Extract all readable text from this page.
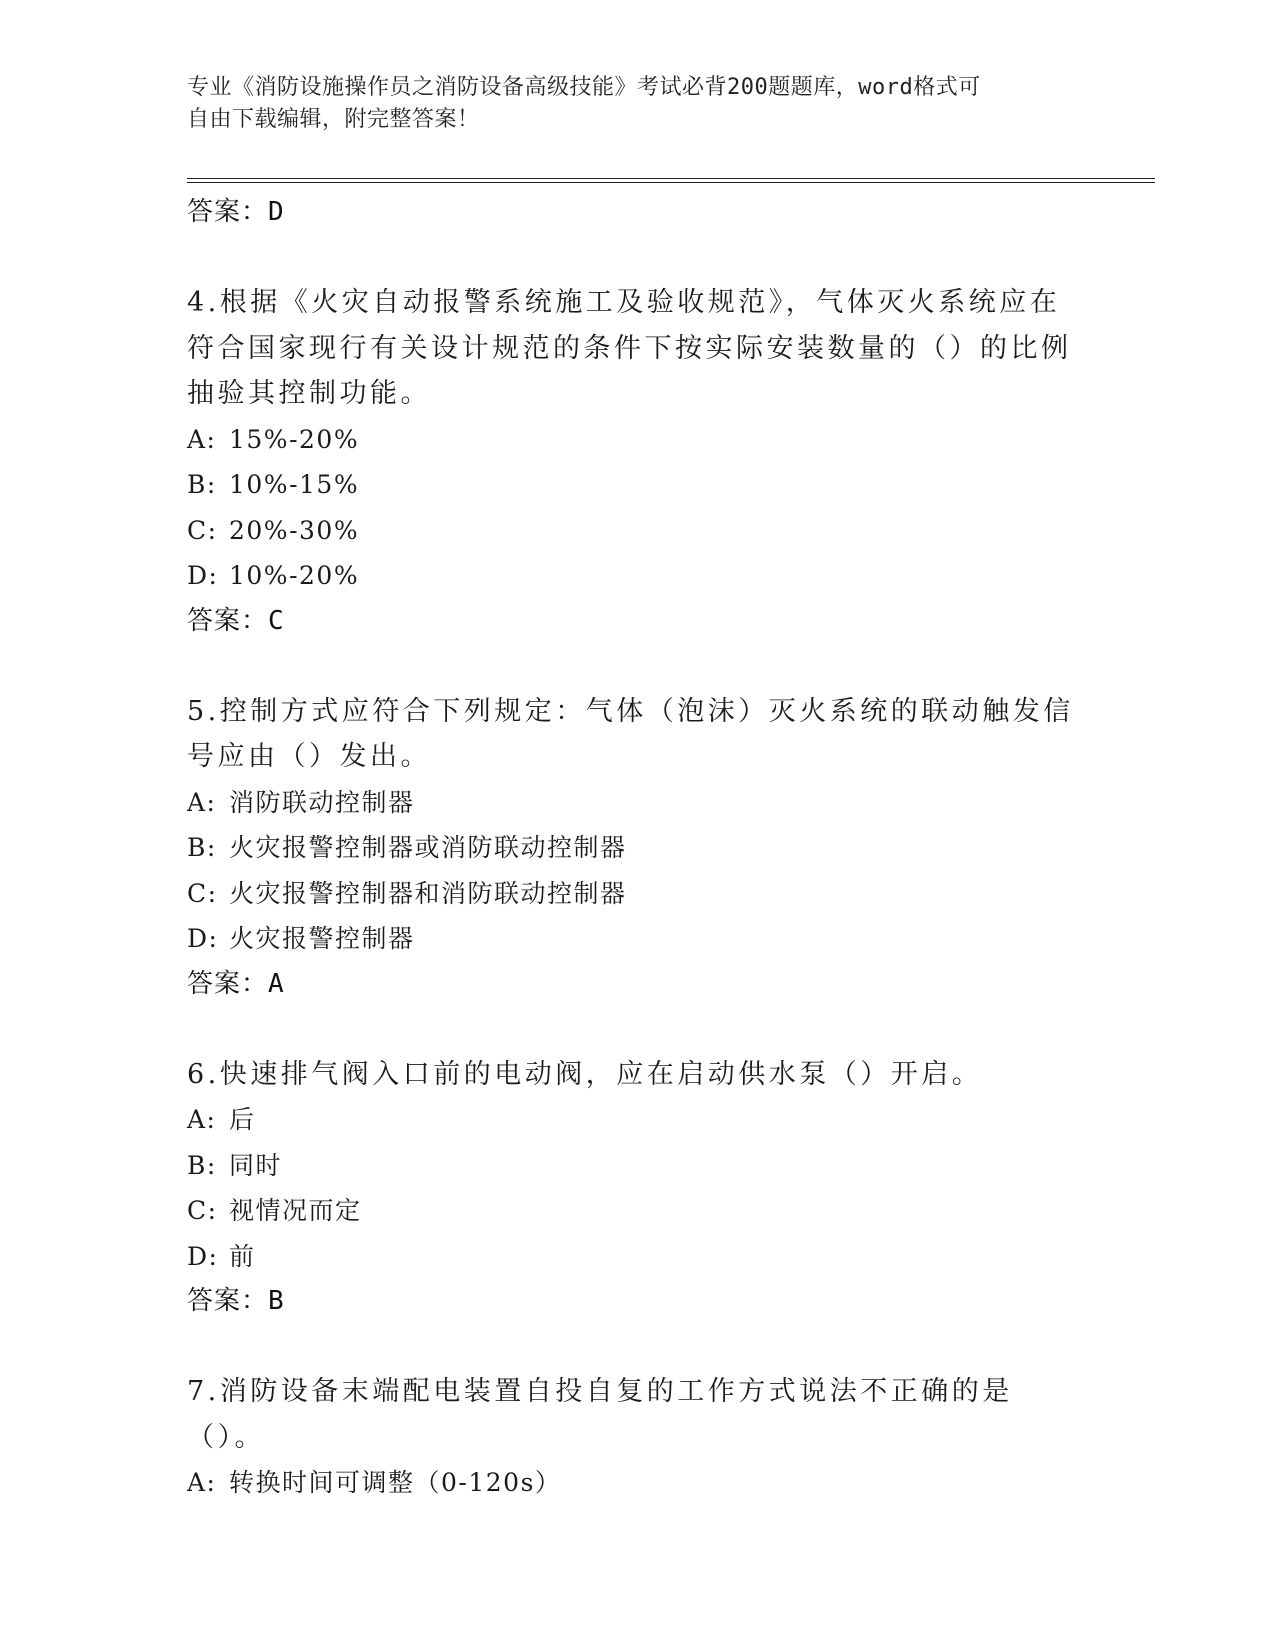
专业《消防设施操作员之消防设备高级技能》考试必背200题题库，word格式可
自由下载编辑，附完整答案！
答案：D
4.根据《火灾自动报警系统施工及验收规范》，气体灭火系统应在符合国家现行有关设计规范的条件下按实际安装数量的（）的比例抽验其控制功能。
A: 15%-20%
B: 10%-15%
C: 20%-30%
D: 10%-20%
答案：C
5.控制方式应符合下列规定：气体（泡沫）灭火系统的联动触发信号应由（）发出。
A: 消防联动控制器
B: 火灾报警控制器或消防联动控制器
C: 火灾报警控制器和消防联动控制器
D: 火灾报警控制器
答案：A
6.快速排气阀入口前的电动阀，应在启动供水泵（）开启。
A: 后
B: 同时
C: 视情况而定
D: 前
答案：B
7.消防设备末端配电装置自投自复的工作方式说法不正确的是（）。
A: 转换时间可调整（0-120s）
